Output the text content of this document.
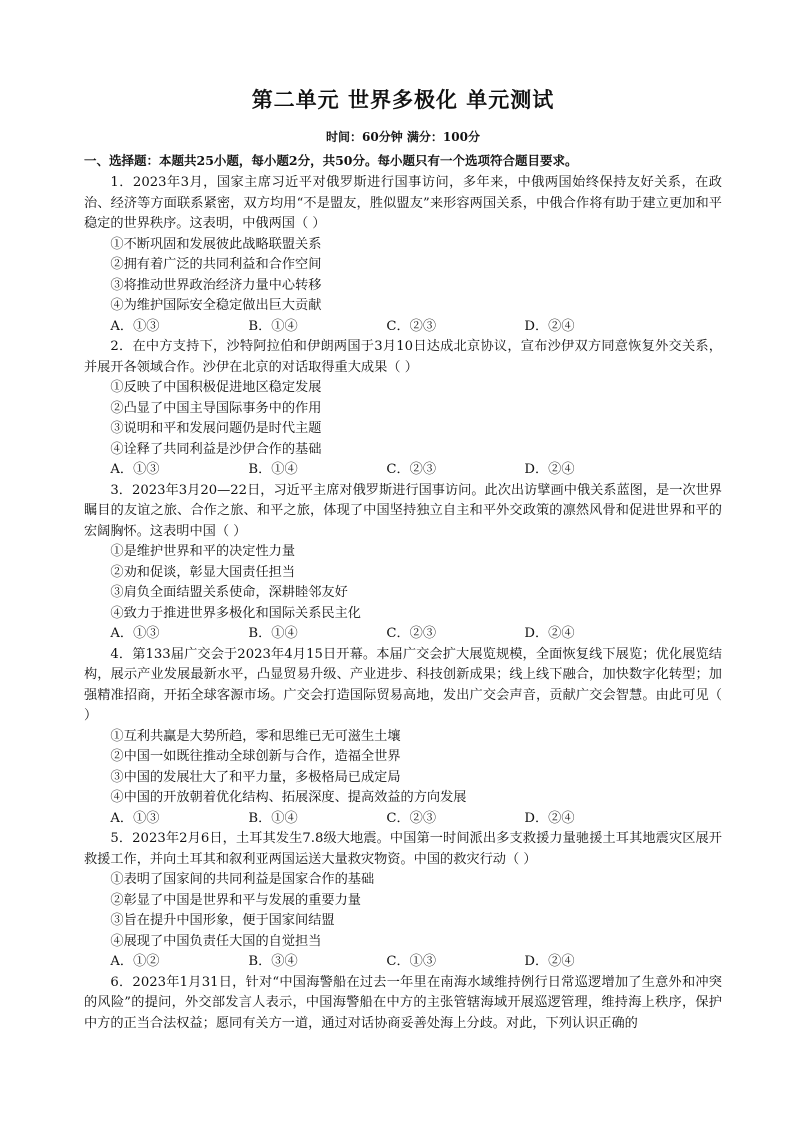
第二单元 世界多极化 单元测试
时间：60分钟 满分：100分
一、选择题：本题共25小题，每小题2分，共50分。每小题只有一个选项符合题目要求。

1．2023年3月，国家主席习近平对俄罗斯进行国事访问，多年来，中俄两国始终保持友好关系，在政治、经济等方面联系紧密，双方均用“不是盟友，胜似盟友”来形容两国关系，中俄合作将有助于建立更加和平稳定的世界秩序。这表明，中俄两国（ ）

①不断巩固和发展彼此战略联盟关系

②拥有着广泛的共同利益和合作空间

③将推动世界政治经济力量中心转移

④为维护国际安全稳定做出巨大贡献

A．①③	B．①④	C．②③	D．②④

2．在中方支持下，沙特阿拉伯和伊朗两国于3月10日达成北京协议，宣布沙伊双方同意恢复外交关系，并展开各领域合作。沙伊在北京的对话取得重大成果（ ）

①反映了中国积极促进地区稳定发展

②凸显了中国主导国际事务中的作用

③说明和平和发展问题仍是时代主题

④诠释了共同利益是沙伊合作的基础

A．①③	B．①④	C．②③	D．②④

3．2023年3月20—22日，习近平主席对俄罗斯进行国事访问。此次出访擘画中俄关系蓝图，是一次世界瞩目的友谊之旅、合作之旅、和平之旅，体现了中国坚持独立自主和平外交政策的凛然风骨和促进世界和平的宏阔胸怀。这表明中国（ ）

①是维护世界和平的决定性力量

②劝和促谈，彰显大国责任担当

③肩负全面结盟关系使命，深耕睦邻友好

④致力于推进世界多极化和国际关系民主化

A．①③	B．①④	C．②③	D．②④

4．第133届广交会于2023年4月15日开幕。本届广交会扩大展览规模，全面恢复线下展览；优化展览结构，展示产业发展最新水平，凸显贸易升级、产业进步、科技创新成果；线上线下融合，加快数字化转型；加强精准招商，开拓全球客源市场。广交会打造国际贸易高地，发出广交会声音，贡献广交会智慧。由此可见（ ）

①互利共赢是大势所趋，零和思维已无可滋生土壤

②中国一如既往推动全球创新与合作，造福全世界

③中国的发展壮大了和平力量，多极格局已成定局

④中国的开放朝着优化结构、拓展深度、提高效益的方向发展

A．①③	B．①④	C．②③	D．②④

5．2023年2月6日，土耳其发生7.8级大地震。中国第一时间派出多支救援力量驰援土耳其地震灾区展开救援工作，并向土耳其和叙利亚两国运送大量救灾物资。中国的救灾行动（ ）

①表明了国家间的共同利益是国家合作的基础

②彰显了中国是世界和平与发展的重要力量

③旨在提升中国形象，便于国家间结盟

④展现了中国负责任大国的自觉担当

A．①②	B．③④	C．①③	D．②④

6．2023年1月31日，针对“中国海警船在过去一年里在南海水域维持例行日常巡逻增加了生意外和冲突的风险”的提问，外交部发言人表示，中国海警船在中方的主张管辖海域开展巡逻管理，维持海上秩序，保护中方的正当合法权益；愿同有关方一道，通过对话协商妥善处海上分歧。对此，下列认识正确的
